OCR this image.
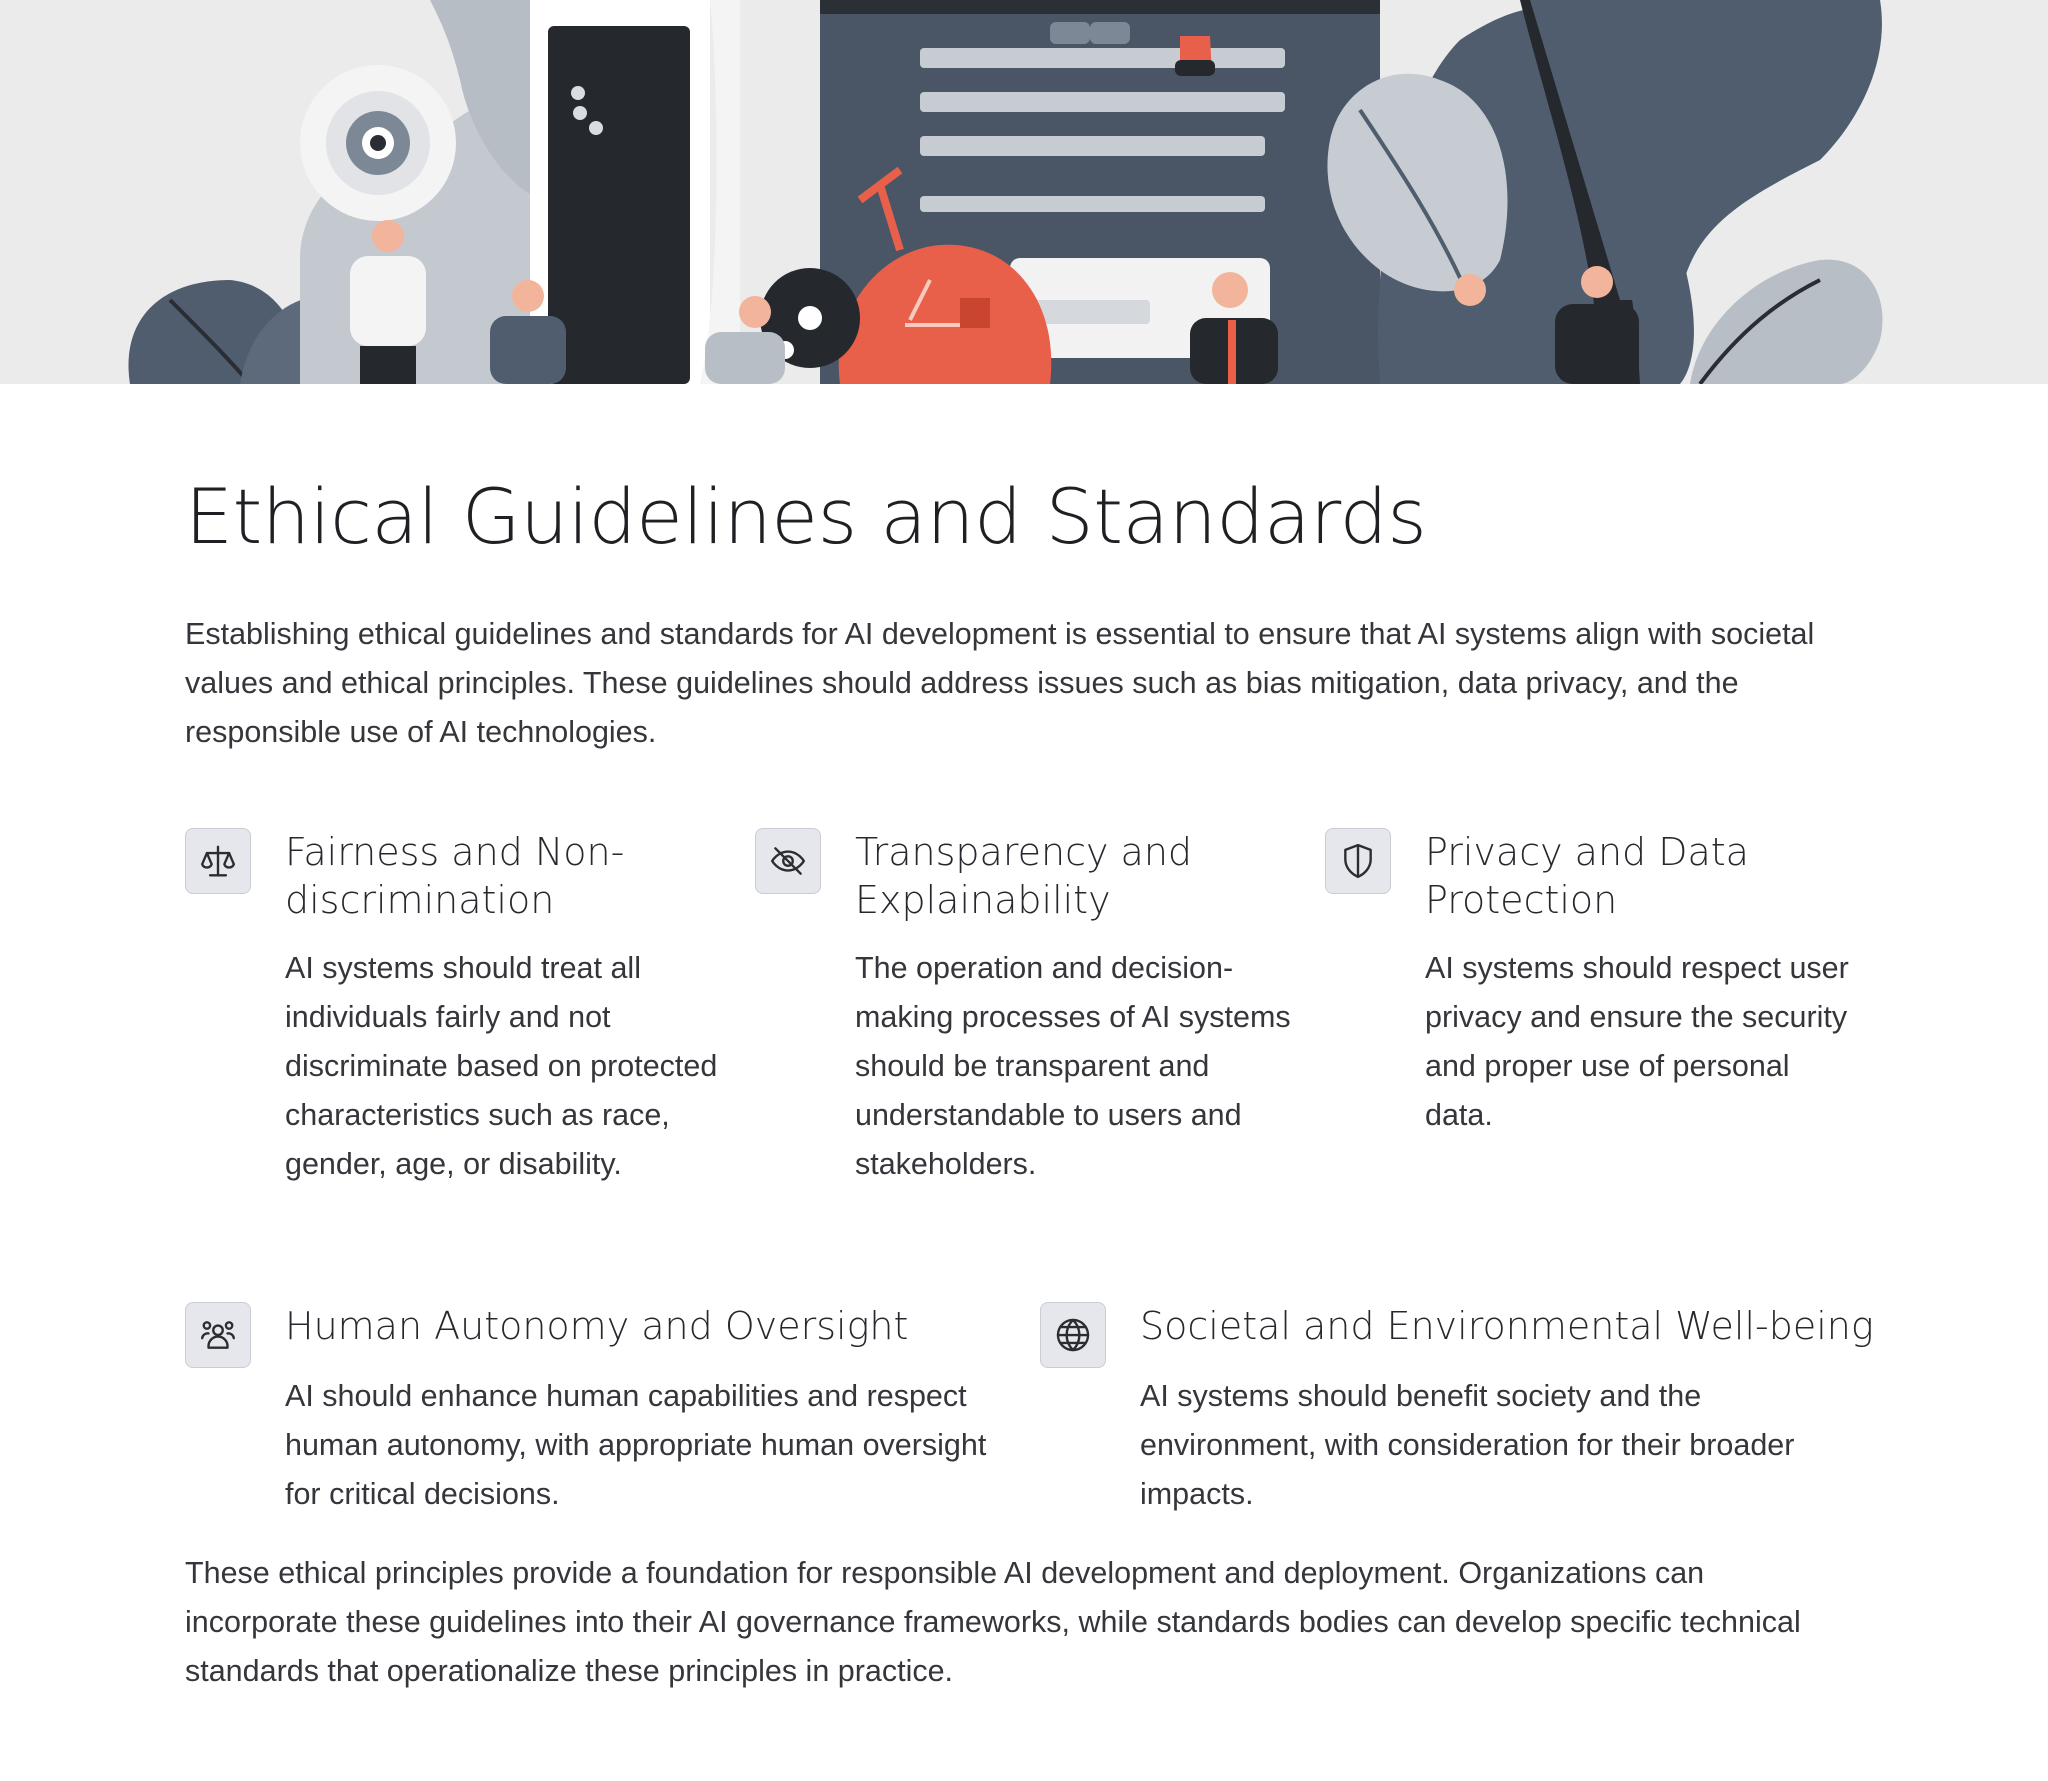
Ethical Guidelines and Standards

Establishing ethical guidelines and standards for AI development is essential to ensure that AI systems align with societal values and ethical principles. These guidelines should address issues such as bias mitigation, data privacy, and the responsible use of AI technologies.

Fairness and Non-discrimination

AI systems should treat all individuals fairly and not discriminate based on protected characteristics such as race, gender, age, or disability.

Transparency and Explainability

The operation and decision-making processes of AI systems should be transparent and understandable to users and stakeholders.

Privacy and Data Protection

AI systems should respect user privacy and ensure the security and proper use of personal data.

Human Autonomy and Oversight

AI should enhance human capabilities and respect human autonomy, with appropriate human oversight for critical decisions.

Societal and Environmental Well-being

AI systems should benefit society and the environment, with consideration for their broader impacts.

These ethical principles provide a foundation for responsible AI development and deployment. Organizations can incorporate these guidelines into their AI governance frameworks, while standards bodies can develop specific technical standards that operationalize these principles in practice.
